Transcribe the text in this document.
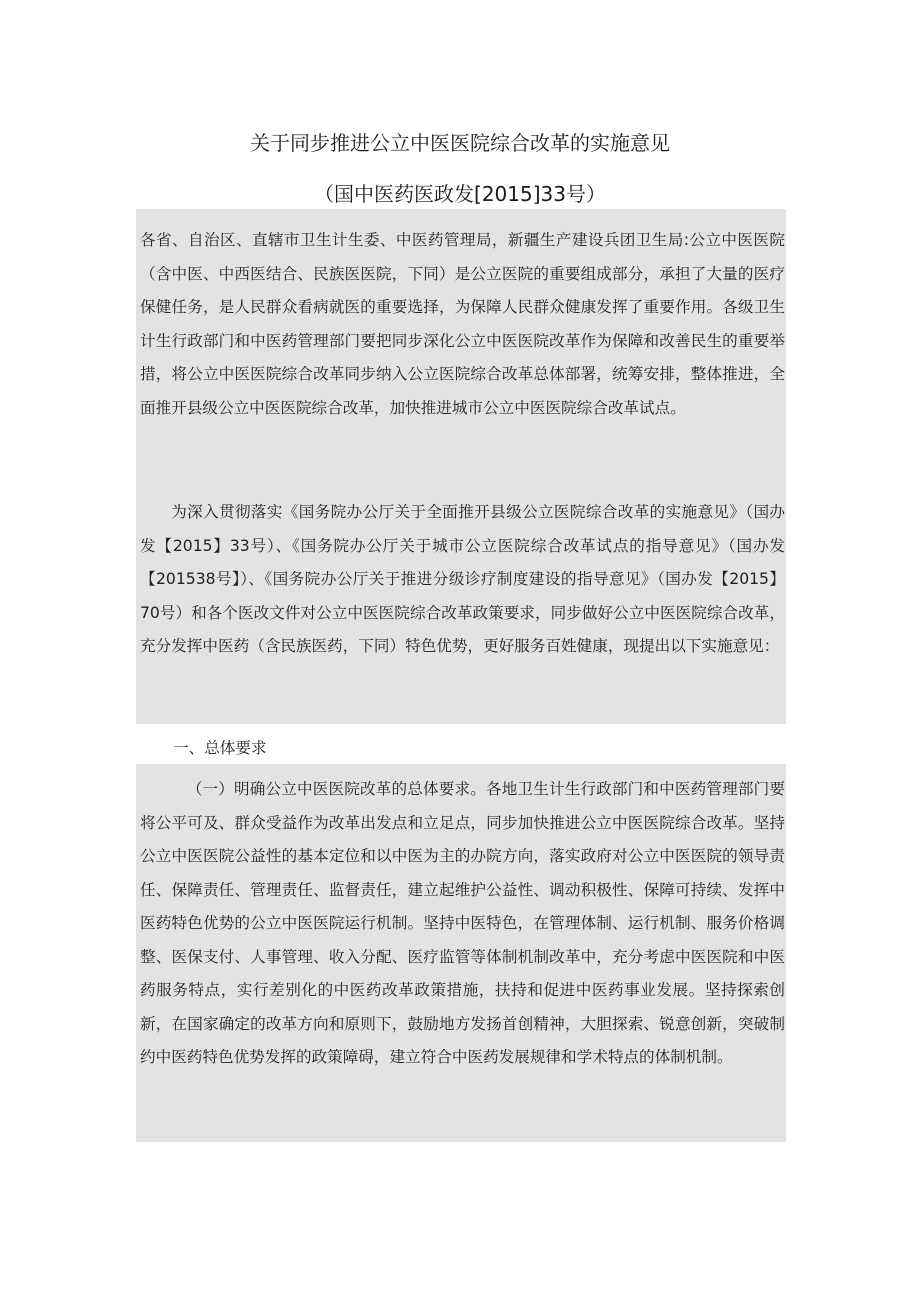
关于同步推进公立中医医院综合改革的实施意见
（国中医药医政发[2015]33号）

各省、自治区、直辖市卫生计生委、中医药管理局，新疆生产建设兵团卫生局:公立中医医院（含中医、中西医结合、民族医医院，下同）是公立医院的重要组成部分，承担了大量的医疗保健任务，是人民群众看病就医的重要选择，为保障人民群众健康发挥了重要作用。各级卫生计生行政部门和中医药管理部门要把同步深化公立中医医院改革作为保障和改善民生的重要举措，将公立中医医院综合改革同步纳入公立医院综合改革总体部署，统筹安排，整体推进，全面推开县级公立中医医院综合改革，加快推进城市公立中医医院综合改革试点。

为深入贯彻落实《国务院办公厅关于全面推开县级公立医院综合改革的实施意见》（国办发【2015】33号）、《国务院办公厅关于城市公立医院综合改革试点的指导意见》（国办发【201538号】）、《国务院办公厅关于推进分级诊疗制度建设的指导意见》（国办发【2015】70号）和各个医改文件对公立中医医院综合改革政策要求，同步做好公立中医医院综合改革，充分发挥中医药（含民族医药，下同）特色优势，更好服务百姓健康，现提出以下实施意见：

一、总体要求

（一）明确公立中医医院改革的总体要求。各地卫生计生行政部门和中医药管理部门要将公平可及、群众受益作为改革出发点和立足点，同步加快推进公立中医医院综合改革。坚持公立中医医院公益性的基本定位和以中医为主的办院方向，落实政府对公立中医医院的领导责任、保障责任、管理责任、监督责任，建立起维护公益性、调动积极性、保障可持续、发挥中医药特色优势的公立中医医院运行机制。坚持中医特色，在管理体制、运行机制、服务价格调整、医保支付、人事管理、收入分配、医疗监管等体制机制改革中，充分考虑中医医院和中医药服务特点，实行差别化的中医药改革政策措施，扶持和促进中医药事业发展。坚持探索创新，在国家确定的改革方向和原则下，鼓励地方发扬首创精神，大胆探索、锐意创新，突破制约中医药特色优势发挥的政策障碍，建立符合中医药发展规律和学术特点的体制机制。
